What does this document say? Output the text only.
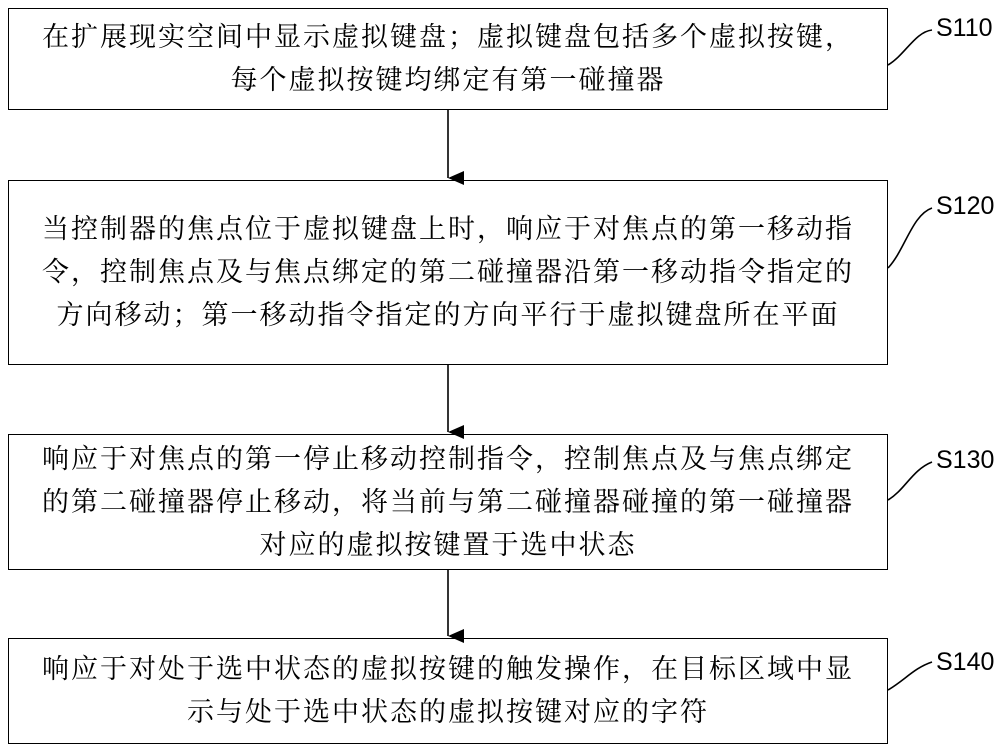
在扩展现实空间中显示虚拟键盘；虚拟键盘包括多个虚拟按键，每个虚拟按键均绑定有第一碰撞器
S110
当控制器的焦点位于虚拟键盘上时，响应于对焦点的第一移动指令，控制焦点及与焦点绑定的第二碰撞器沿第一移动指令指定的方向移动；第一移动指令指定的方向平行于虚拟键盘所在平面
S120
响应于对焦点的第一停止移动控制指令，控制焦点及与焦点绑定的第二碰撞器停止移动，将当前与第二碰撞器碰撞的第一碰撞器对应的虚拟按键置于选中状态
S130
响应于对处于选中状态的虚拟按键的触发操作，在目标区域中显示与处于选中状态的虚拟按键对应的字符
S140
